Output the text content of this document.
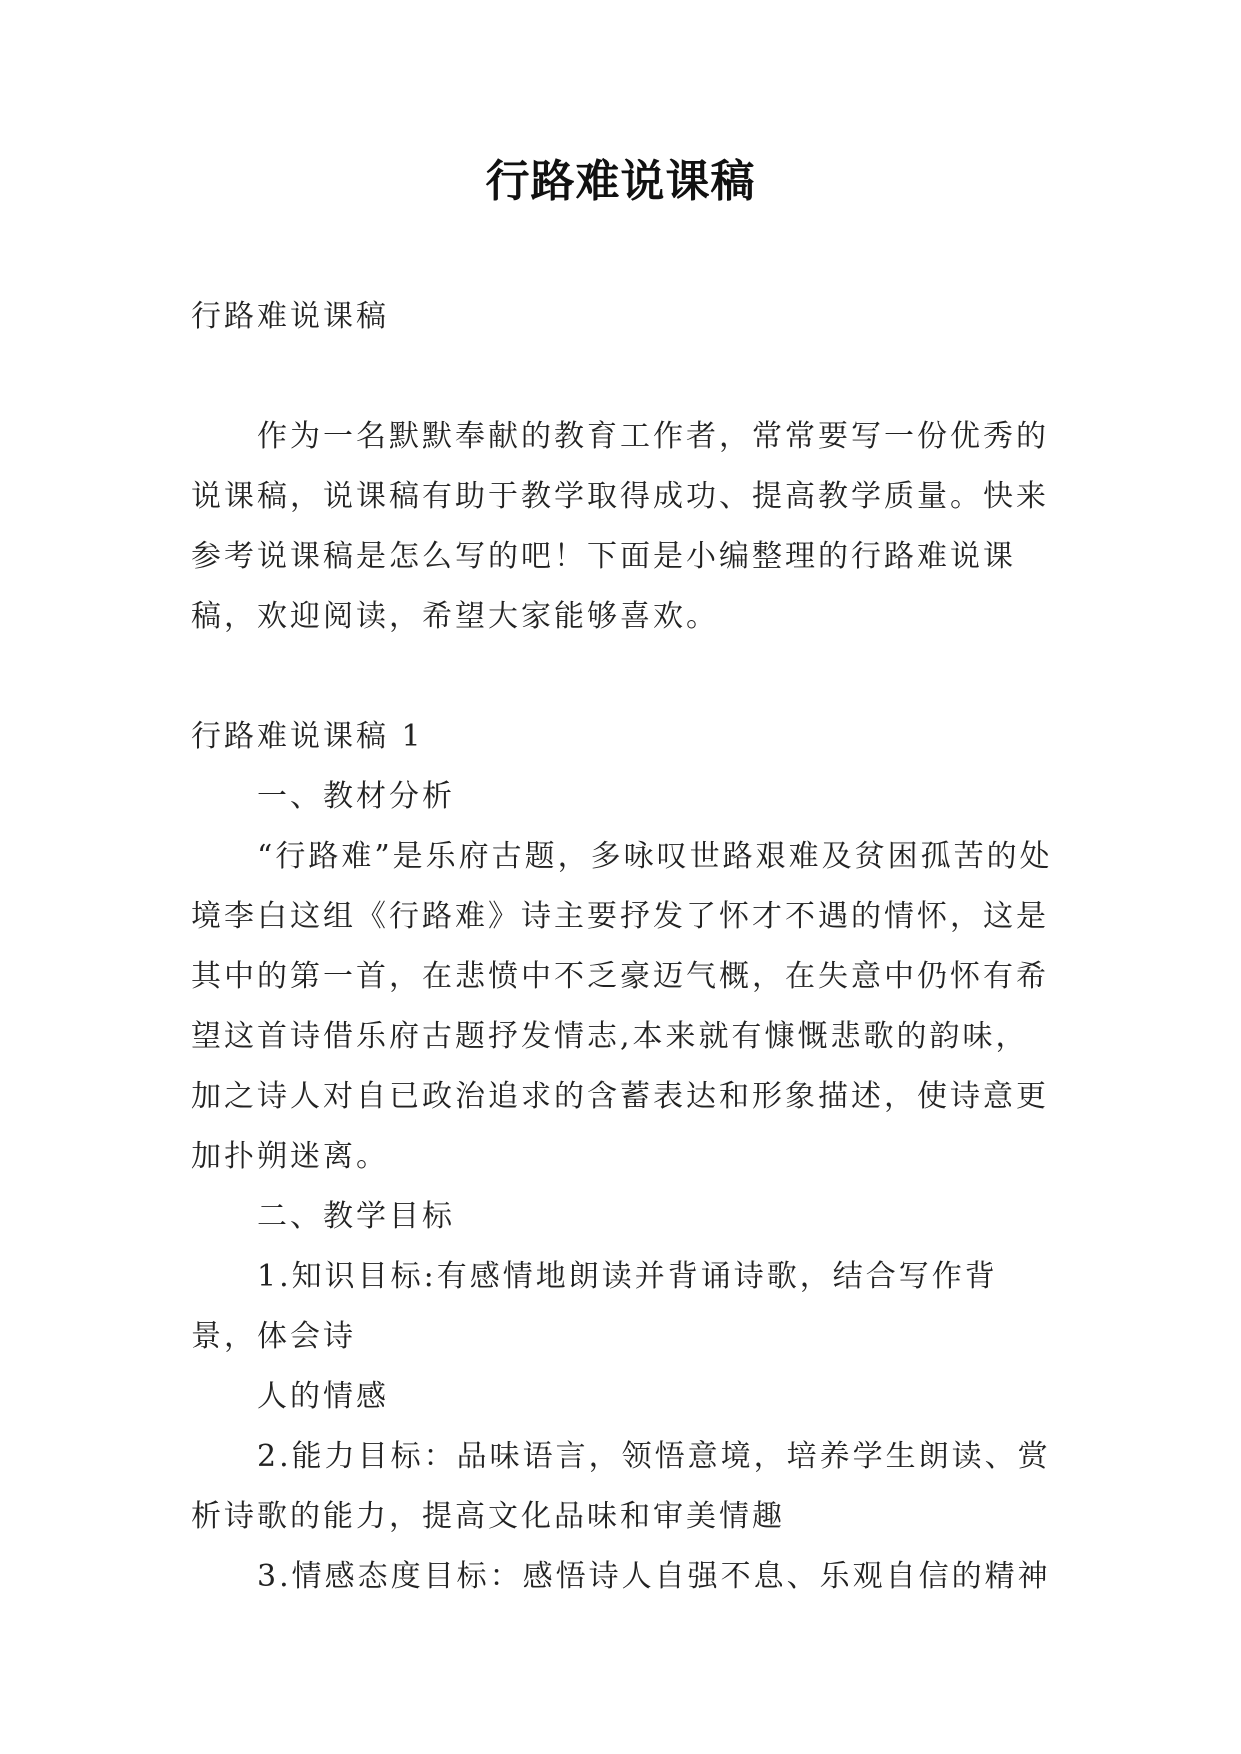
行路难说课稿

行路难说课稿

作为一名默默奉献的教育工作者，常常要写一份优秀的说课稿，说课稿有助于教学取得成功、提高教学质量。快来参考说课稿是怎么写的吧！下面是小编整理的行路难说课稿，欢迎阅读，希望大家能够喜欢。

行路难说课稿 1

一、教材分析

“行路难”是乐府古题，多咏叹世路艰难及贫困孤苦的处境李白这组《行路难》诗主要抒发了怀才不遇的情怀，这是其中的第一首，在悲愤中不乏豪迈气概，在失意中仍怀有希望这首诗借乐府古题抒发情志,本来就有慷慨悲歌的韵味，加之诗人对自已政治追求的含蓄表达和形象描述，使诗意更加扑朔迷离。

二、教学目标

1.知识目标:有感情地朗读并背诵诗歌，结合写作背景，体会诗

人的情感

2.能力目标：品味语言，领悟意境，培养学生朗读、赏析诗歌的能力，提高文化品味和审美情趣

3.情感态度目标：感悟诗人自强不息、乐观自信的精神
